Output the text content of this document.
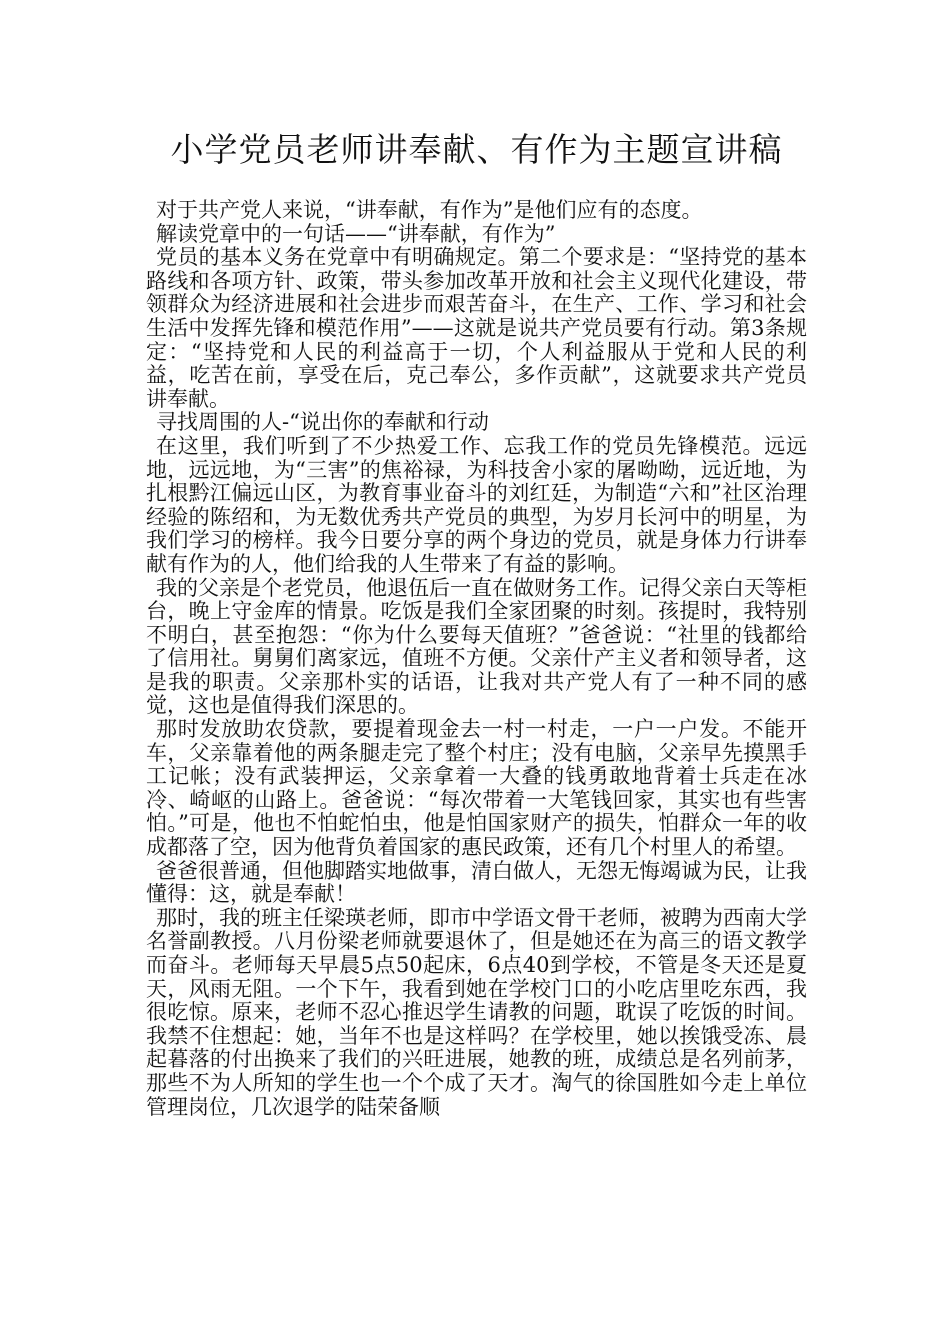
小学党员老师讲奉献、有作为主题宣讲稿

对于共产党人来说，“讲奉献，有作为”是他们应有的态度。

解读党章中的一句话——“讲奉献，有作为”

党员的基本义务在党章中有明确规定。第二个要求是：“坚持党的基本路线和各项方针、政策，带头参加改革开放和社会主义现代化建设，带领群众为经济进展和社会进步而艰苦奋斗，在生产、工作、学习和社会生活中发挥先锋和模范作用”——这就是说共产党员要有行动。第3条规定：“坚持党和人民的利益高于一切，个人利益服从于党和人民的利益，吃苦在前，享受在后，克己奉公，多作贡献”，这就要求共产党员讲奉献。

寻找周围的人-“说出你的奉献和行动

在这里，我们听到了不少热爱工作、忘我工作的党员先锋模范。远远地，远远地，为“三害”的焦裕禄，为科技舍小家的屠呦呦，远近地，为扎根黔江偏远山区，为教育事业奋斗的刘红廷，为制造“六和”社区治理经验的陈绍和，为无数优秀共产党员的典型，为岁月长河中的明星，为我们学习的榜样。我今日要分享的两个身边的党员，就是身体力行讲奉献有作为的人，他们给我的人生带来了有益的影响。

我的父亲是个老党员，他退伍后一直在做财务工作。记得父亲白天等柜台，晚上守金库的情景。吃饭是我们全家团聚的时刻。孩提时，我特别不明白，甚至抱怨：“你为什么要每天值班？”爸爸说：“社里的钱都给了信用社。舅舅们离家远，值班不方便。父亲什产主义者和领导者，这是我的职责。父亲那朴实的话语，让我对共产党人有了一种不同的感觉，这也是值得我们深思的。

那时发放助农贷款，要提着现金去一村一村走，一户一户发。不能开车，父亲靠着他的两条腿走完了整个村庄；没有电脑，父亲早先摸黑手工记帐；没有武装押运，父亲拿着一大叠的钱勇敢地背着士兵走在冰冷、崎岖的山路上。爸爸说：“每次带着一大笔钱回家，其实也有些害怕。”可是，他也不怕蛇怕虫，他是怕国家财产的损失，怕群众一年的收成都落了空，因为他背负着国家的惠民政策，还有几个村里人的希望。

爸爸很普通，但他脚踏实地做事，清白做人，无怨无悔竭诚为民，让我懂得：这，就是奉献！

那时，我的班主任梁瑛老师，即市中学语文骨干老师，被聘为西南大学名誉副教授。八月份梁老师就要退休了，但是她还在为高三的语文教学而奋斗。老师每天早晨5点50起床，6点40到学校，不管是冬天还是夏天，风雨无阻。一个下午，我看到她在学校门口的小吃店里吃东西，我很吃惊。原来，老师不忍心推迟学生请教的问题，耽误了吃饭的时间。我禁不住想起：她，当年不也是这样吗？在学校里，她以挨饿受冻、晨起暮落的付出换来了我们的兴旺进展，她教的班，成绩总是名列前茅，那些不为人所知的学生也一个个成了天才。淘气的徐国胜如今走上单位管理岗位，几次退学的陆荣备顺
